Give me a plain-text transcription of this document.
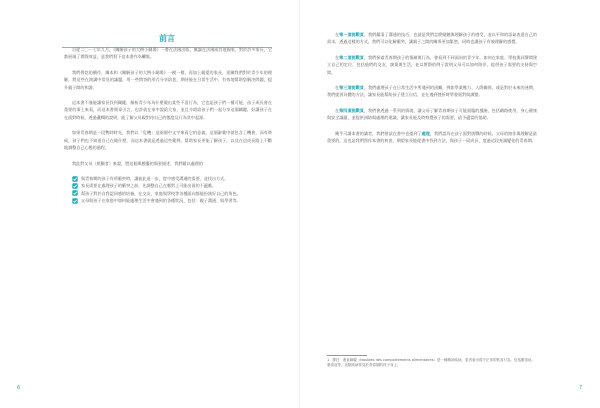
前言

自從二〇一七年九月，《關解孩子的大餅小劇場》一書在法國出版，無論在法國或其他國家，對於許多家長，它都展現了實際效益，是我們寫下這本書作為繼集。

我們傳您的續作，關本和《關解孩子的大餅小劇場》一模一樣，再加上親愛的家長，延續我們對於青少年的理解，將這些在演講中常見的議題，用一些問答的形式分享給您，期待能在日常生活中，有效地幫助您解決問題，提升親子間的和諧。

這本書不僅能讓家長找到關鍵，解析青少年為什麼做出某些不喜行為，它也是孩子們一種可能，孩子成長會在重要的事上來看，而這本書開章引言，也許就在家中說給大家，並且介紹給孩子們一起分享這個關鍵，好讓孩子在在面對時候，透過邏輯的說明，能了解父母親對待自己的態度及行為其中起源。

如果青春期是一段暫時時光，我們以「危機」這兩個中文字來看它的意義，這個辭彙中就包含了機會，而有時候，孩子們也不知道自己在做什麼，而這本書就是透過這些範例，幫助家長更能了解孩子，以及在這成長路上不斷地調整自己心態的過程。

我此對父母（照顧者）來說，將這個與模擬的場景描述，我們藉以處理的：

與青春期的孩子有所衝突時，讓彼此退一步，從中感受溝通的需要，並找出方式。
家長需要在處理孩子的衝突之前，先調整自己在應對上可能出現的不適應。
幫孩子對於自我認同感的培養，在交友、家庭與學校等各種面向都能扮演好自己的角色。
父母與孩子在家庭中如何能處理生活中會遇到的各種狀況，包括：親子溝通、與學習等。
6

在第一頂挑戰頁，我們釐清了溝通的技巧，也就是我們怎麼傾聽與理解孩子的感受，並以平和的語氣表達自己的需求，透過這樣的方式，我們可以化解衝突，讓親子之間的關係更加緊密，同時也讓孩子有被理解的感覺。

在第二頂挑戰頁，我們探索青春期孩子的情緒與行為，會看到不同面向的青少年，如何在家庭、學校與同儕間建立自己的定位，包括他們的交友、課業與生活，並以實際的例子說明父母可以如何陪伴，提供孩子需要的支持與空間。

在第三頂挑戰頁，我們處理孩子在日常生活中所遇到的困難，例如學業壓力、人際關係，或是對於未來的迷惘，我們提供具體的方法，讓家長能幫助孩子建立自信，並在遇到挫折時學會面對與調整。

在第四頂挑戰頁，我們會透過一系列的情境，讓父母了解青春期孩子可能面臨的風險，包括網路使用、身心健康與安全議題，並提供預防與處理的建議，讓家長能及時察覺孩子的需要，給予適當的協助。

幾乎可讀本書的讀者，我們嘗試在書中也提到了處理，我們認為在孩子面對挑戰的時候，父母的陪伴與理解是最重要的，這也是我們寫作本書的初衷，期望家長能從書中找到方法，與孩子一同成長，度過這段充滿變化的青春期。

1 譯註：進食障礙（troubles des comportements alimentaires）是一種精神疾病，患者會出現不正常的飲食行為，包括厭食症、暴食症等，這類疾病常見於青春期的孩子身上。
7
